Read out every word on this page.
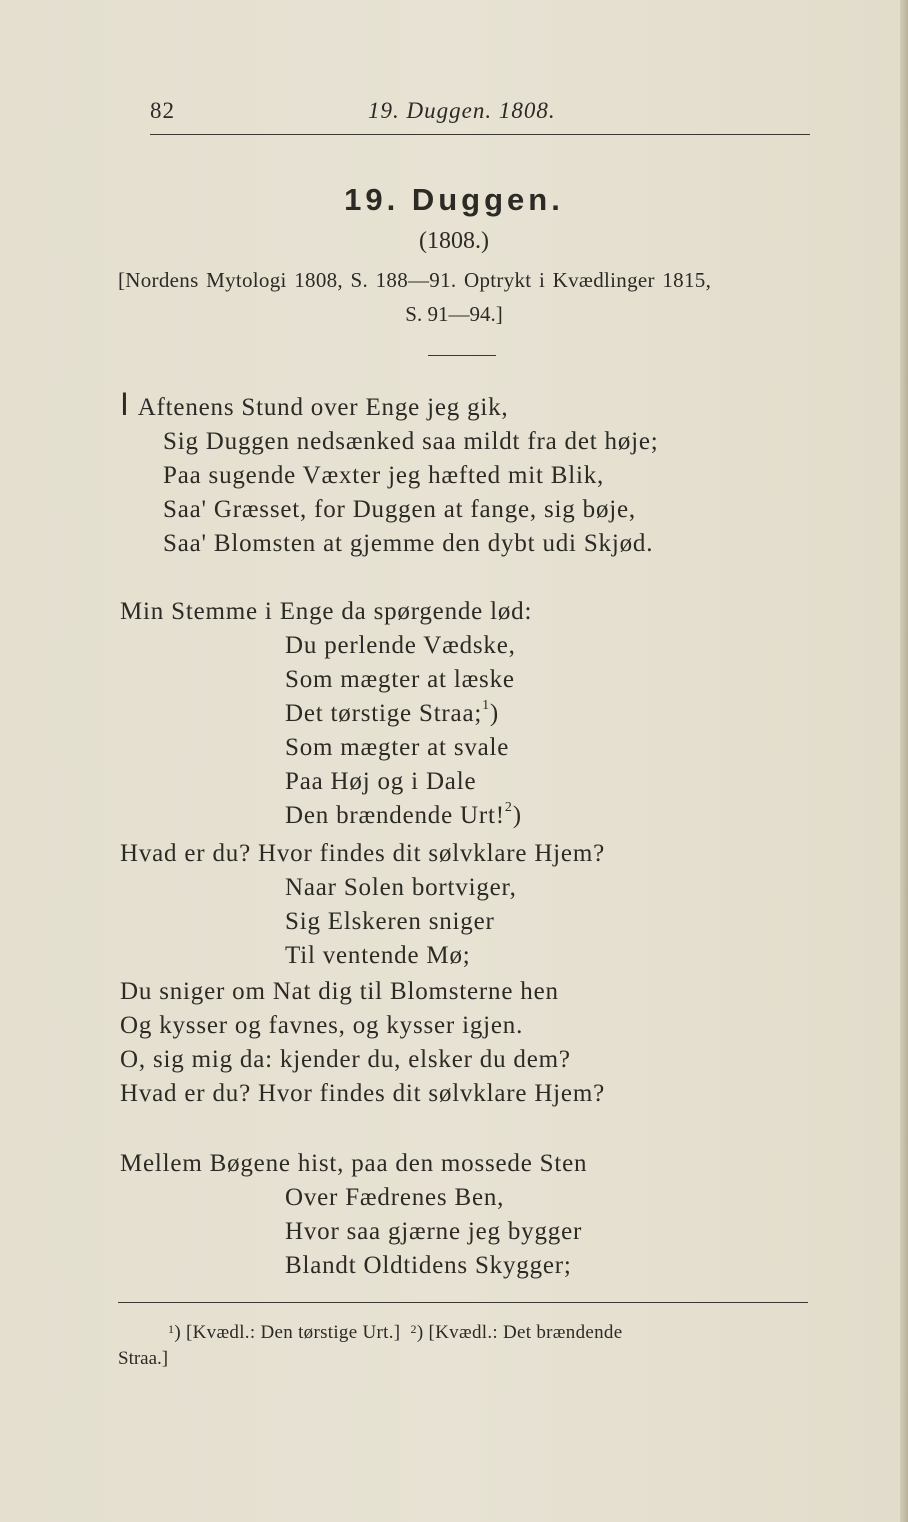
82	19. Duggen. 1808.
19. Duggen.
(1808.)
[Nordens Mytologi 1808, S. 188—91. Optrykt i Kvædlinger 1815,
S. 91—94.]
I Aftenens Stund over Enge jeg gik,
Sig Duggen nedsænked saa mildt fra det høje;
Paa sugende Væxter jeg hæfted mit Blik,
Saa' Græsset, for Duggen at fange, sig bøje,
Saa' Blomsten at gjemme den dybt udi Skjød.
Min Stemme i Enge da spørgende lød:
Du perlende Vædske,
Som mægter at læske
Det tørstige Straa;$^1$)
Som mægter at svale
Paa Høj og i Dale
Den brændende Urt!$^2$)
Hvad er du? Hvor findes dit sølvklare Hjem?
Naar Solen bortviger,
Sig Elskeren sniger
Til ventende Mø;
Du sniger om Nat dig til Blomsterne hen
Og kysser og favnes, og kysser igjen.
O, sig mig da: kjender du, elsker du dem?
Hvad er du? Hvor findes dit sølvklare Hjem?
Mellem Bøgene hist, paa den mossede Sten
Over Fædrenes Ben,
Hvor saa gjærne jeg bygger
Blandt Oldtidens Skygger;
$^1$) [Kvædl.: Den tørstige Urt.] $^2$) [Kvædl.: Det brændende
Straa.]
